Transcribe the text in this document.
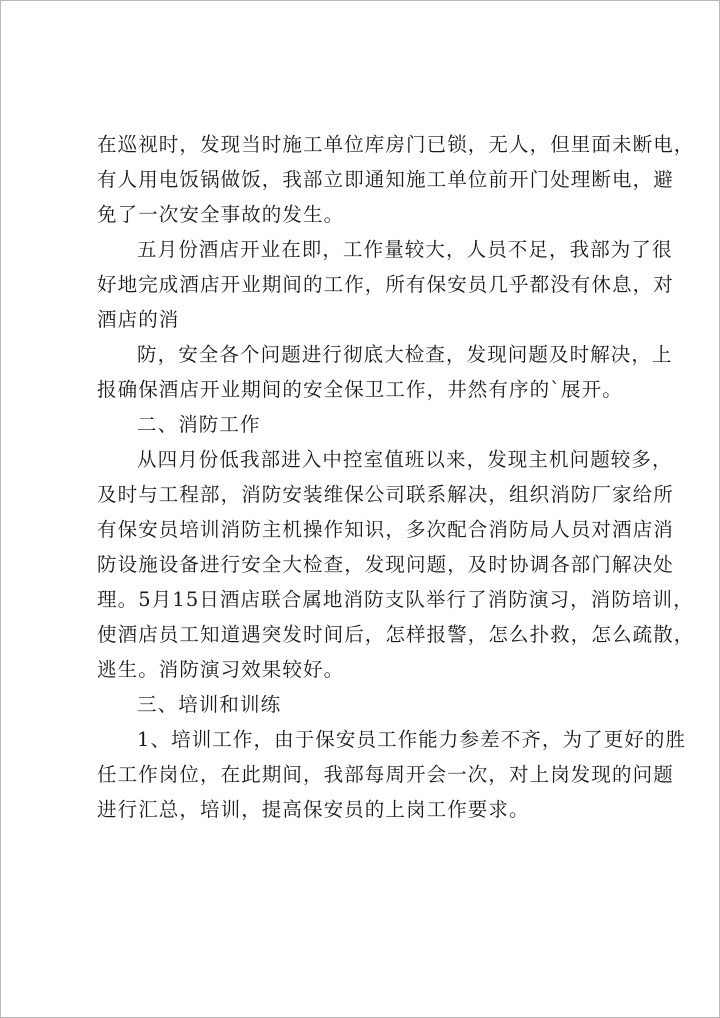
在巡视时，发现当时施工单位库房门已锁，无人，但里面未断电，
有人用电饭锅做饭，我部立即通知施工单位前开门处理断电，避
免了一次安全事故的发生。
五月份酒店开业在即，工作量较大，人员不足，我部为了很
好地完成酒店开业期间的工作，所有保安员几乎都没有休息，对
酒店的消
防，安全各个问题进行彻底大检查，发现问题及时解决，上
报确保酒店开业期间的安全保卫工作，井然有序的`展开。
二、消防工作
从四月份低我部进入中控室值班以来，发现主机问题较多，
及时与工程部，消防安装维保公司联系解决，组织消防厂家给所
有保安员培训消防主机操作知识，多次配合消防局人员对酒店消
防设施设备进行安全大检查，发现问题，及时协调各部门解决处
理。5月15日酒店联合属地消防支队举行了消防演习，消防培训，
使酒店员工知道遇突发时间后，怎样报警，怎么扑救，怎么疏散，
逃生。消防演习效果较好。
三、培训和训练
1、培训工作，由于保安员工作能力参差不齐，为了更好的胜
任工作岗位，在此期间，我部每周开会一次，对上岗发现的问题
进行汇总，培训，提高保安员的上岗工作要求。
